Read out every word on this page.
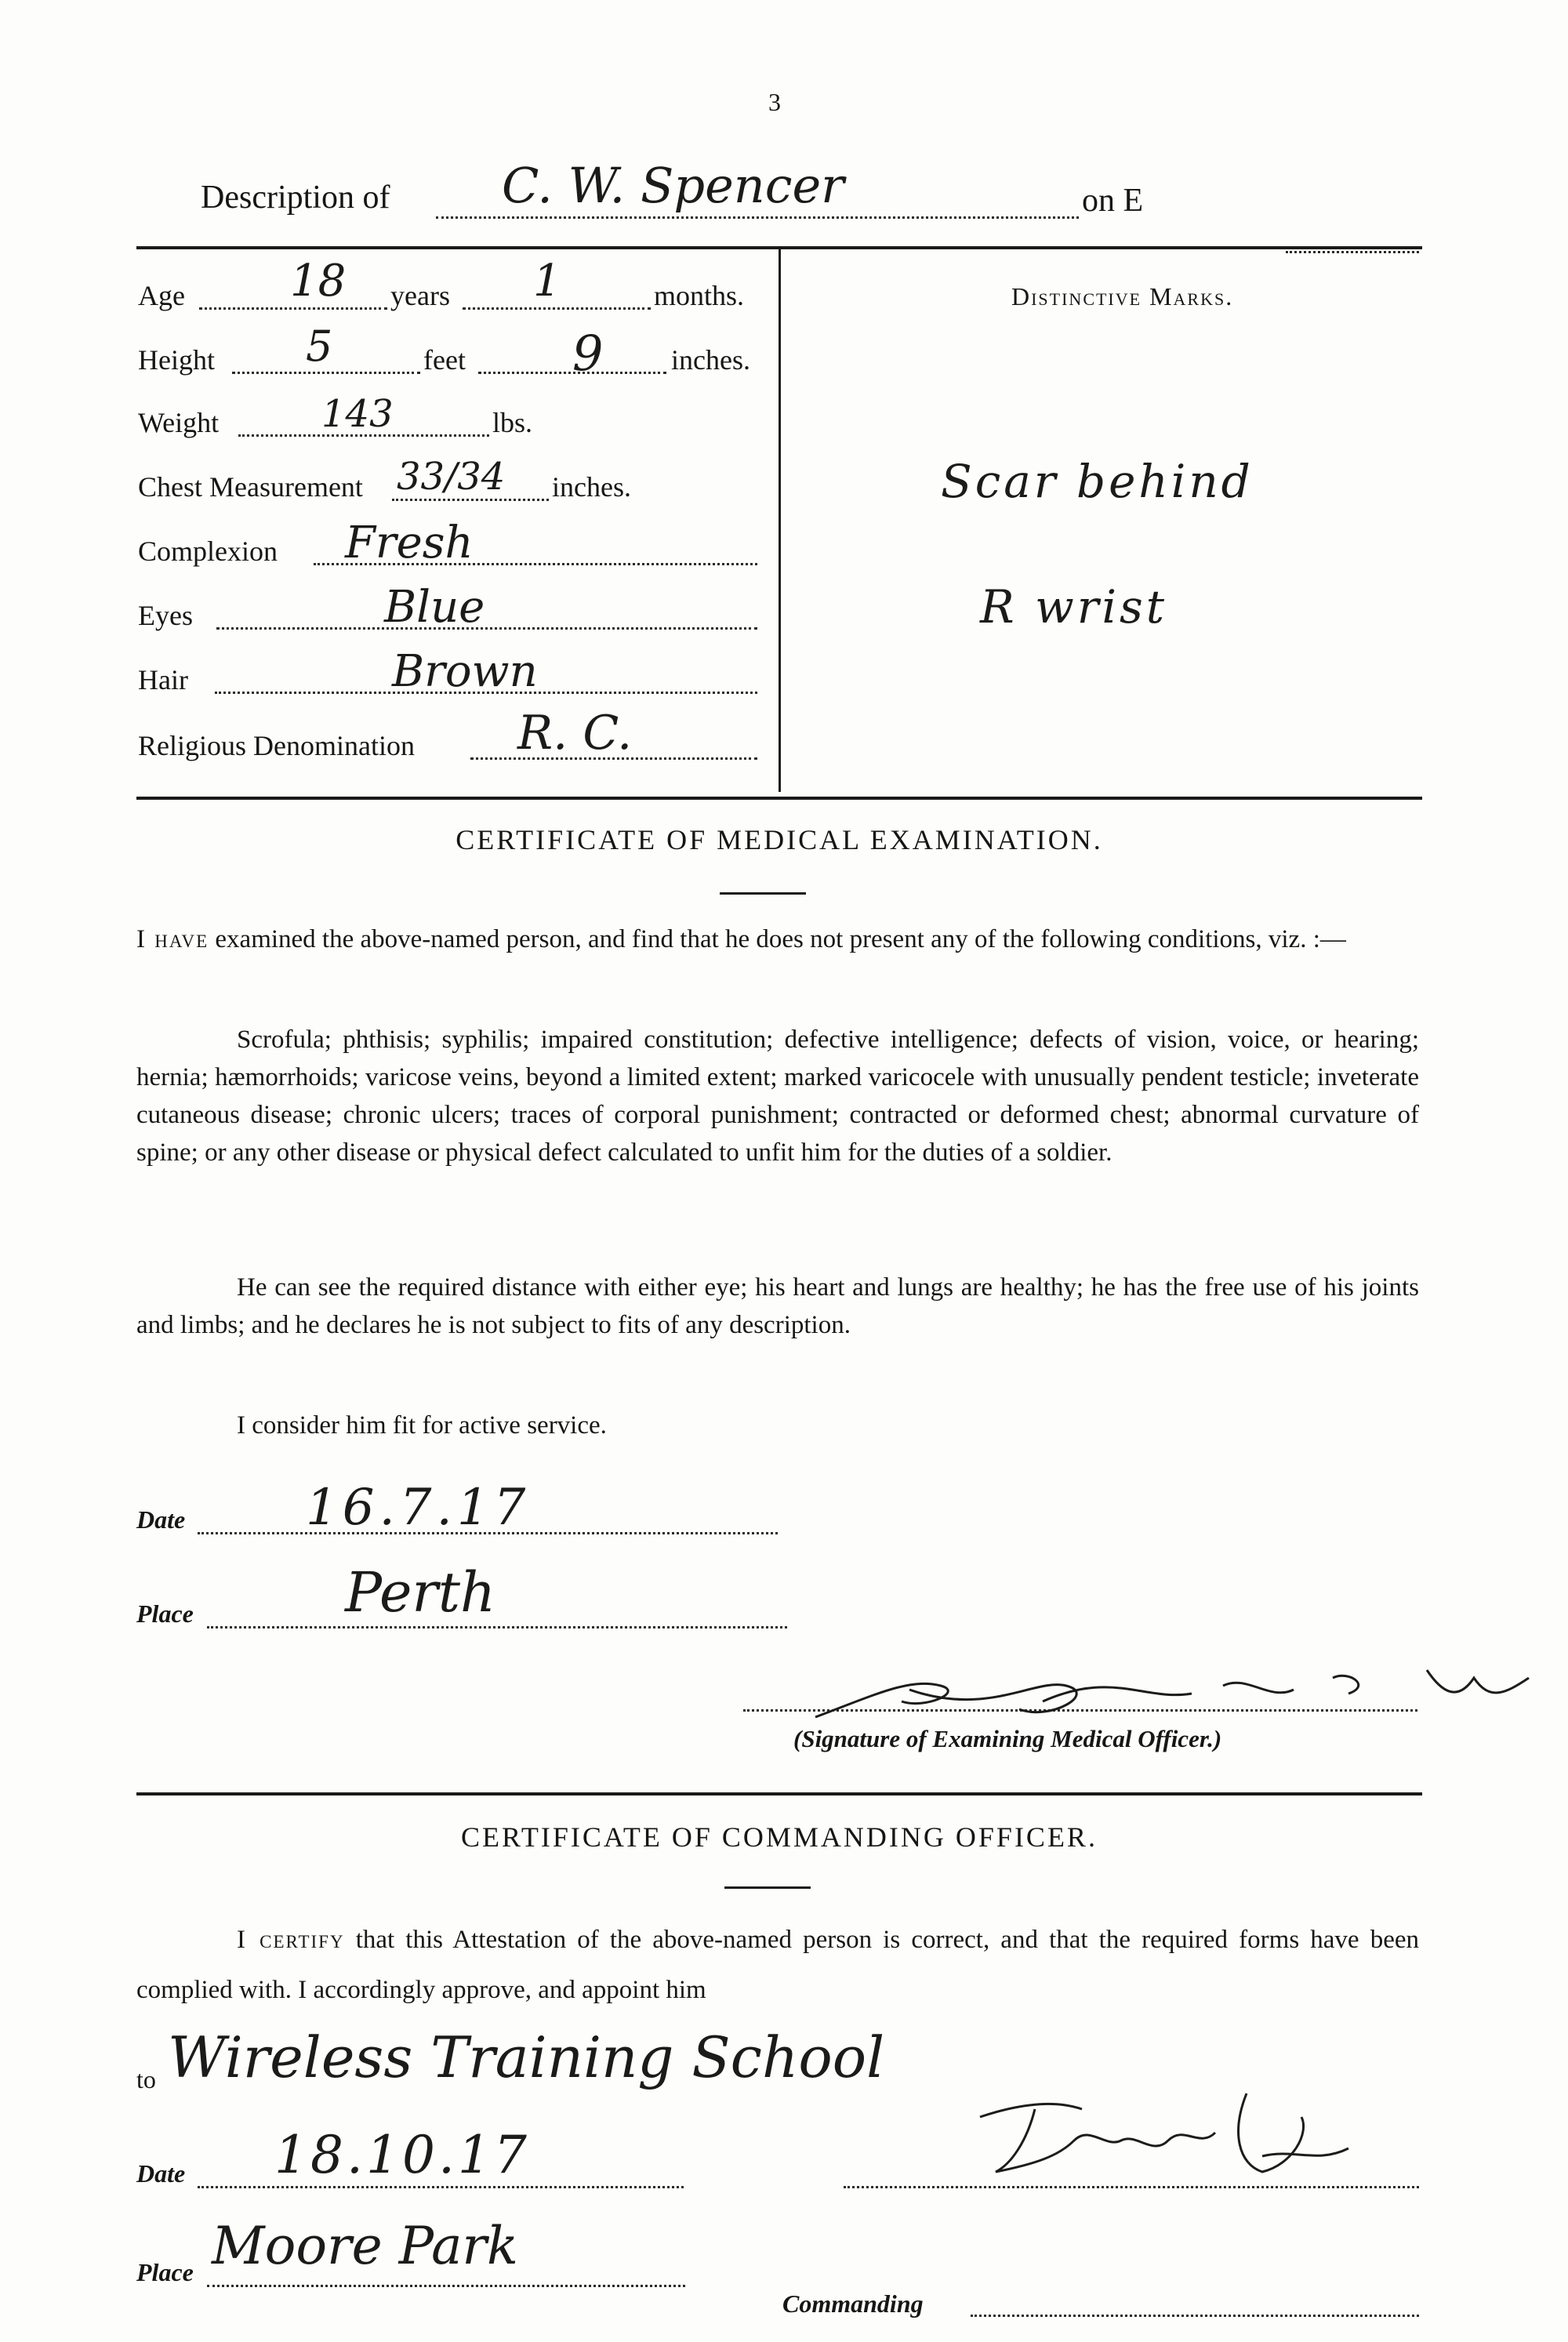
3
Description of C. W. Spencer	on E
Age 18 years 1	months.
Height 5	feet 9 inches.
Weight	143	lbs.
Chest Measurement 33/34 inches.
Complexion Fresh
Eyes	Blue
Hair	Brown
Religious Denomination R. C.
Distinctive Marks.
Scar behind
R wrist
CERTIFICATE OF MEDICAL EXAMINATION.
I have examined the above-named person, and find that he does not present any of the following conditions, viz. :—
Scrofula; phthisis; syphilis; impaired constitution; defective intelligence; defects of vision, voice, or hearing; hernia; hæmorrhoids; varicose veins, beyond a limited extent; marked varicocele with unusually pendent testicle; inveterate cutaneous disease; chronic ulcers; traces of corporal punishment; contracted or deformed chest; abnormal curvature of spine; or any other disease or physical defect calculated to unfit him for the duties of a soldier.
He can see the required distance with either eye; his heart and lungs are healthy; he has the free use of his joints and limbs; and he declares he is not subject to fits of any description.
I consider him fit for active service.
Date 16.7.17
Place	Perth
(Signature of Examining Medical Officer.)
CERTIFICATE OF COMMANDING OFFICER.
I certify that this Attestation of the above-named person is correct, and that the required forms have been complied with. I accordingly approve, and appoint him
to Wireless Training School
Date 18.10.17
Place Moore Park
Commanding
